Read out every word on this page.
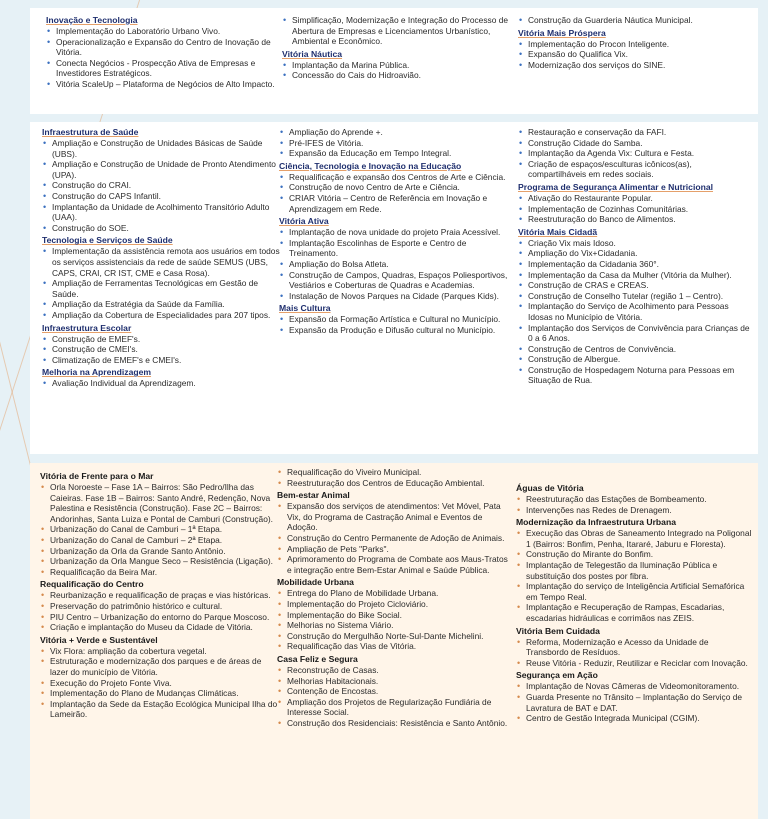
Inovação e Tecnologia
• Implementação do Laboratório Urbano Vivo.
• Operacionalização e Expansão do Centro de Inovação de Vitória.
• Conecta Negócios - Prospecção Ativa de Empresas e Investidores Estratégicos.
• Vitória ScaleUp – Plataforma de Negócios de Alto Impacto.
• Simplificação, Modernização e Integração do Processo de Abertura de Empresas e Licenciamentos Urbanístico, Ambiental e Econômico.
Vitória Náutica
• Implantação da Marina Pública.
• Concessão do Cais do Hidroavião.
• Construção da Guarderia Náutica Municipal.
Vitória Mais Próspera
• Implementação do Procon Inteligente.
• Expansão do Qualifica Vix.
• Modernização dos serviços do SINE.
Infraestrutura de Saúde
• Ampliação e Construção de Unidades Básicas de Saúde (UBS).
• Ampliação e Construção de Unidade de Pronto Atendimento (UPA).
• Construção do CRAI.
• Construção do CAPS Infantil.
• Implantação da Unidade de Acolhimento Transitório Adulto (UAA).
• Construção do SOE.
Tecnologia e Serviços de Saúde
• Implementação da assistência remota aos usuários em todos os serviços assistenciais da rede de saúde SEMUS (UBS, CAPS, CRAI, CR IST, CME e Casa Rosa).
• Ampliação de Ferramentas Tecnológicas em Gestão de Saúde.
• Ampliação da Estratégia da Saúde da Família.
• Ampliação da Cobertura de Especialidades para 207 tipos.
Infraestrutura Escolar
• Construção de EMEF's.
• Construção de CMEI's.
• Climatização de EMEF's e CMEI's.
Melhoria na Aprendizagem
• Avaliação Individual da Aprendizagem.
• Ampliação do Aprende +.
• Pré-IFES de Vitória.
• Expansão da Educação em Tempo Integral.
Ciência, Tecnologia e Inovação na Educação
• Requalificação e expansão dos Centros de Arte e Ciência.
• Construção de novo Centro de Arte e Ciência.
• CRIAR Vitória – Centro de Referência em Inovação e Aprendizagem em Rede.
Vitória Ativa
• Implantação de nova unidade do projeto Praia Acessível.
• Implantação Escolinhas de Esporte e Centro de Treinamento.
• Ampliação do Bolsa Atleta.
• Construção de Campos, Quadras, Espaços Poliesportivos, Vestiários e Coberturas de Quadras e Academias.
• Instalação de Novos Parques na Cidade (Parques Kids).
Mais Cultura
• Expansão da Formação Artística e Cultural no Município.
• Expansão da Produção e Difusão cultural no Município.
• Restauração e conservação da FAFI.
• Construção Cidade do Samba.
• Implantação da Agenda Vix: Cultura e Festa.
• Criação de espaços/esculturas icônicos(as), compartilháveis em redes sociais.
Programa de Segurança Alimentar e Nutricional
• Ativação do Restaurante Popular.
• Implementação de Cozinhas Comunitárias.
• Reestruturação do Banco de Alimentos.
Vitória Mais Cidadã
• Criação Vix mais Idoso.
• Ampliação do Vix+Cidadania.
• Implementação da Cidadania 360°.
• Implementação da Casa da Mulher (Vitória da Mulher).
• Construção de CRAS e CREAS.
• Construção de Conselho Tutelar (região 1 – Centro).
• Implantação do Serviço de Acolhimento para Pessoas Idosas no Município de Vitória.
• Implantação dos Serviços de Convivência para Crianças de 0 a 6 Anos.
• Construção de Centros de Convivência.
• Construção de Albergue.
• Construção de Hospedagem Noturna para Pessoas em Situação de Rua.
Vitória de Frente para o Mar
• Orla Noroeste – Fase 1A – Bairros: São Pedro/Ilha das Caieiras. Fase 1B – Bairros: Santo André, Redenção, Nova Palestina e Resistência (Construção). Fase 2C – Bairros: Andorinhas, Santa Luiza e Pontal de Camburi (Construção).
• Urbanização do Canal de Camburi – 1ª Etapa.
• Urbanização do Canal de Camburi – 2ª Etapa.
• Urbanização da Orla da Grande Santo Antônio.
• Urbanização da Orla Mangue Seco – Resistência (Ligação).
• Requalificação da Beira Mar.
Requalificação do Centro
• Reurbanização e requalificação de praças e vias históricas.
• Preservação do patrimônio histórico e cultural.
• PIU Centro – Urbanização do entorno do Parque Moscoso.
• Criação e implantação do Museu da Cidade de Vitória.
Vitória + Verde e Sustentável
• Vix Flora: ampliação da cobertura vegetal.
• Estruturação e modernização dos parques e de áreas de lazer do município de Vitória.
• Execução do Projeto Fonte Viva.
• Implementação do Plano de Mudanças Climáticas.
• Implantação da Sede da Estação Ecológica Municipal Ilha do Lameirão.
• Requalificação do Viveiro Municipal.
• Reestruturação dos Centros de Educação Ambiental.
Bem-estar Animal
• Expansão dos serviços de atendimentos: Vet Móvel, Pata Vix, do Programa de Castração Animal e Eventos de Adoção.
• Construção do Centro Permanente de Adoção de Animais.
• Ampliação de Pets "Parks".
• Aprimoramento do Programa de Combate aos Maus-Tratos e integração entre Bem-Estar Animal e Saúde Pública.
Mobilidade Urbana
• Entrega do Plano de Mobilidade Urbana.
• Implementação do Projeto Cicloviário.
• Implementação do Bike Social.
• Melhorias no Sistema Viário.
• Construção do Mergulhão Norte-Sul-Dante Michelini.
• Requalificação das Vias de Vitória.
Casa Feliz e Segura
• Reconstrução de Casas.
• Melhorias Habitacionais.
• Contenção de Encostas.
• Ampliação dos Projetos de Regularização Fundiária de Interesse Social.
• Construção dos Residenciais: Resistência e Santo Antônio.
Águas de Vitória
• Reestruturação das Estações de Bombeamento.
• Intervenções nas Redes de Drenagem.
Modernização da Infraestrutura Urbana
• Execução das Obras de Saneamento Integrado na Poligonal 1 (Bairros: Bonfim, Penha, Itararé, Jaburu e Floresta).
• Construção do Mirante do Bonfim.
• Implantação de Telegestão da Iluminação Pública e substituição dos postes por fibra.
• Implantação do serviço de Inteligência Artificial Semafórica em Tempo Real.
• Implantação e Recuperação de Rampas, Escadarias, escadarias hidráulicas e corrimãos nas ZEIS.
Vitória Bem Cuidada
• Reforma, Modernização e Acesso da Unidade de Transbordo de Resíduos.
• Reuse Vitória - Reduzir, Reutilizar e Reciclar com Inovação.
Segurança em Ação
• Implantação de Novas Câmeras de Videomonitoramento.
• Guarda Presente no Trânsito – Implantação do Serviço de Lavratura de BAT e DAT.
• Centro de Gestão Integrada Municipal (CGIM).
